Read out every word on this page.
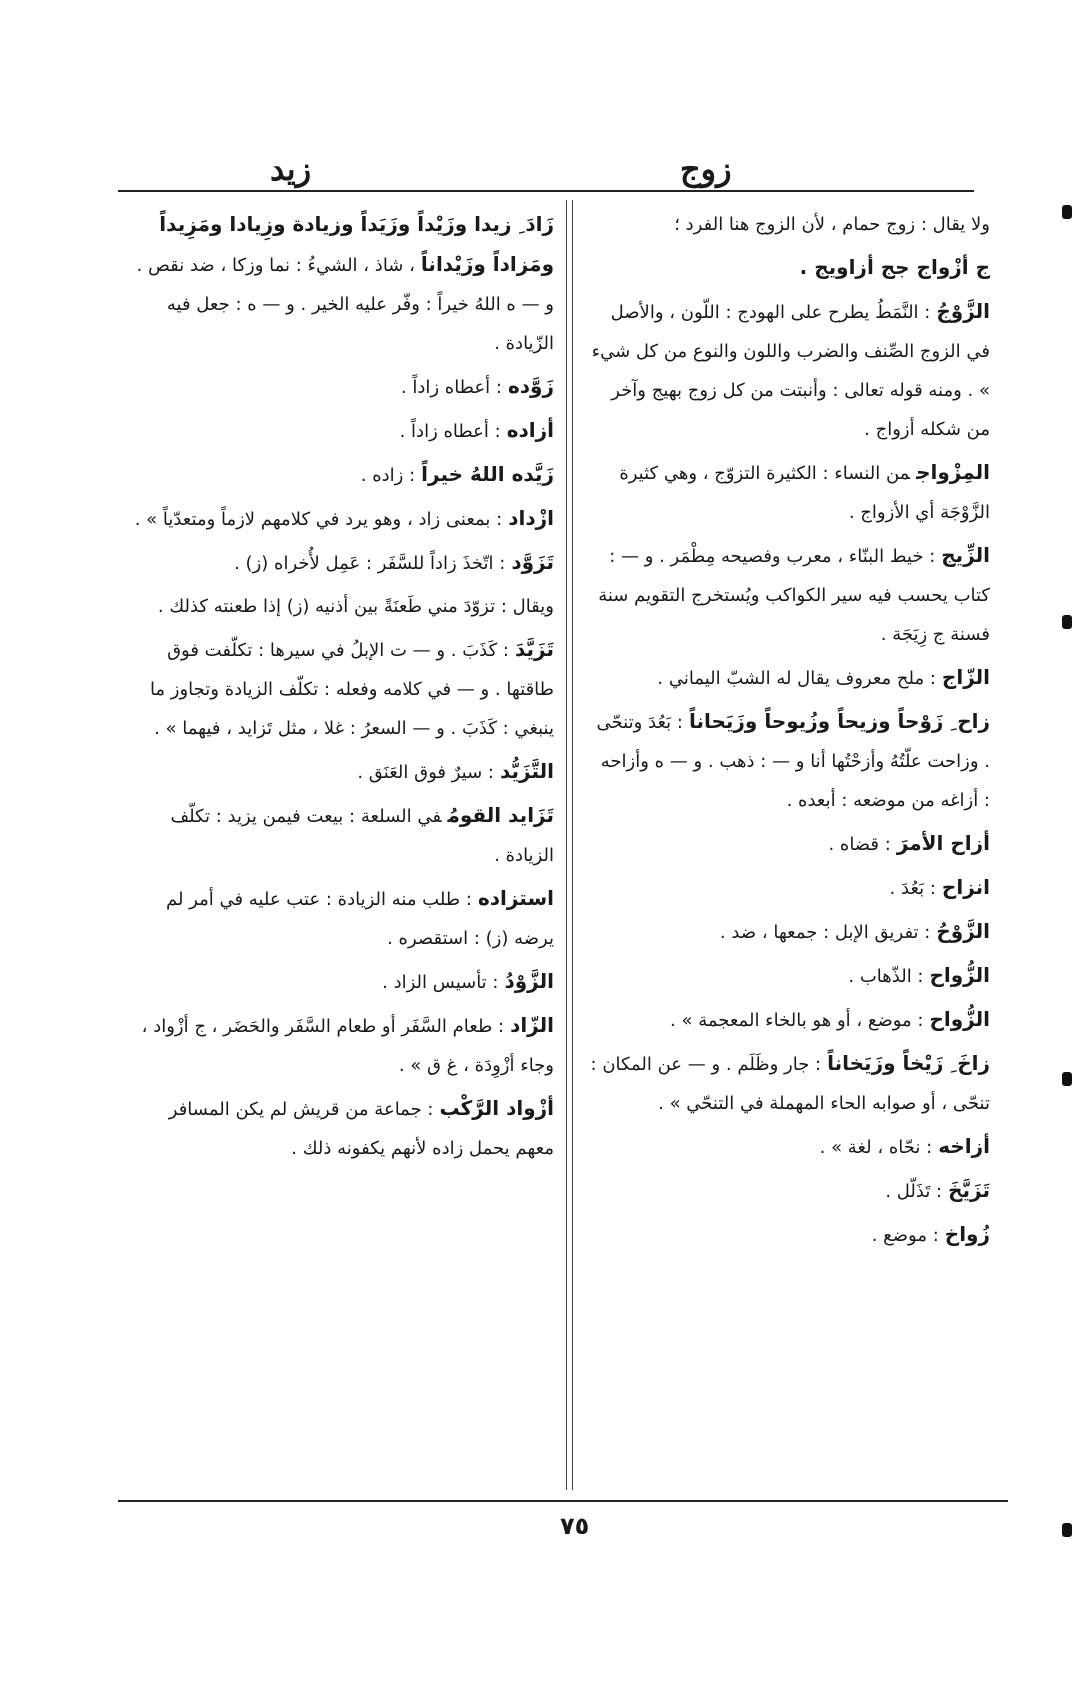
زوج
زيد

ولا يقال : زوج حمام ، لأن الزوج هنا الفرد ؛

ج أزْواج جج أزاويج .

الزَّوْجُ: النَّمَطُ يطرح على الهودج : اللّون ، والأصل في الزوج الصِّنف والضرب واللون والنوع من كل شيء » . ومنه قوله تعالى : وأنبتت من كل زوج بهيج وآخر من شكله أزواج .

المِزْواجمن النساء : الكثيرة التزوّج ، وهي كثيرة الزَّوْجَة أي الأزواج .

الزِّيج: خيط البنّاء ، معرب وفصيحه مِطْمَر . و — : كتاب يحسب فيه سير الكواكب ويُستخرج التقويم سنة فسنة ج زِيَجَة .

الزّاج: ملح معروف يقال له الشبّ اليماني .

زاح ِ زَوْحاً وزيحاً وزُيوحاً وزَيَحاناً: بَعُدَ وتنحّى . وزاحت علّتُهُ وأزحْتُها أنا و — : ذهب . و — ه وأزاحه : أزاغه من موضعه : أبعده .

أزاح الأمرَ: قضاه .

انزاح: بَعُدَ .

الزَّوْحُ: تفريق الإبل : جمعها ، ضد .

الزُّواح: الذّهاب .

الزُّواح: موضع ، أو هو بالخاء المعجمة » .

زاخَ ِ زَيْخاً وزَيَخاناً: جار وظَلَم . و — عن المكان : تنحّى ، أو صوابه الحاء المهملة في التنحّي » .

أزاخه: نحّاه ، لغة » .

تَزَيَّخَ: تَذَلّل .

زُواخ: موضع .

زَادَ ِ زيدا وزَيْداً وزَيَداً وزيادة وزِيادا ومَزِيداً ومَزاداً وزَيْداناً، شاذ ، الشيءُ : نما وزكا ، ضد نقص . و — ه اللهُ خيراً : وفّر عليه الخير . و — ه : جعل فيه الزّيادة .

زَوَّده: أعطاه زاداً .

أزاده: أعطاه زاداً .

زَيَّده اللهُ خيراً: زاده .

ازْداد: بمعنى زاد ، وهو يرد في كلامهم لازماً ومتعدّياً » .

تَزَوَّد: اتّخذَ زاداً للسَّفَر : عَمِل لأُخراه (ز) .

ويقال : تزوّدَ مني طَعنَةً بين أذنيه (ز) إذا طعنته كذلك .

تَزَيَّدَ: كَذَبَ . و — ت الإبلُ في سيرها : تكلّفت فوق طاقتها . و — في كلامه وفعله : تكلّف الزيادة وتجاوز ما ينبغي : كَذَبَ . و — السعرُ : غلا ، مثل تَزايد ، فيهما » .

التَّزَيُّد: سيرٌ فوق العَنَق .

تَزَايد القومُفي السلعة : بيعت فيمن يزيد : تكلّف الزيادة .

استزاده: طلب منه الزيادة : عتب عليه في أمر لم يرضه (ز) : استقصره .

الزَّوْدُ: تأسيس الزاد .

الزّاد: طعام السَّفَر أو طعام السَّفَر والحَضَر ، ج أزْواد ، وجاء أزْوِدَة ، غ ق » .

أزْواد الرَّكْب: جماعة من قريش لم يكن المسافر معهم يحمل زاده لأنهم يكفونه ذلك .

٧٥
